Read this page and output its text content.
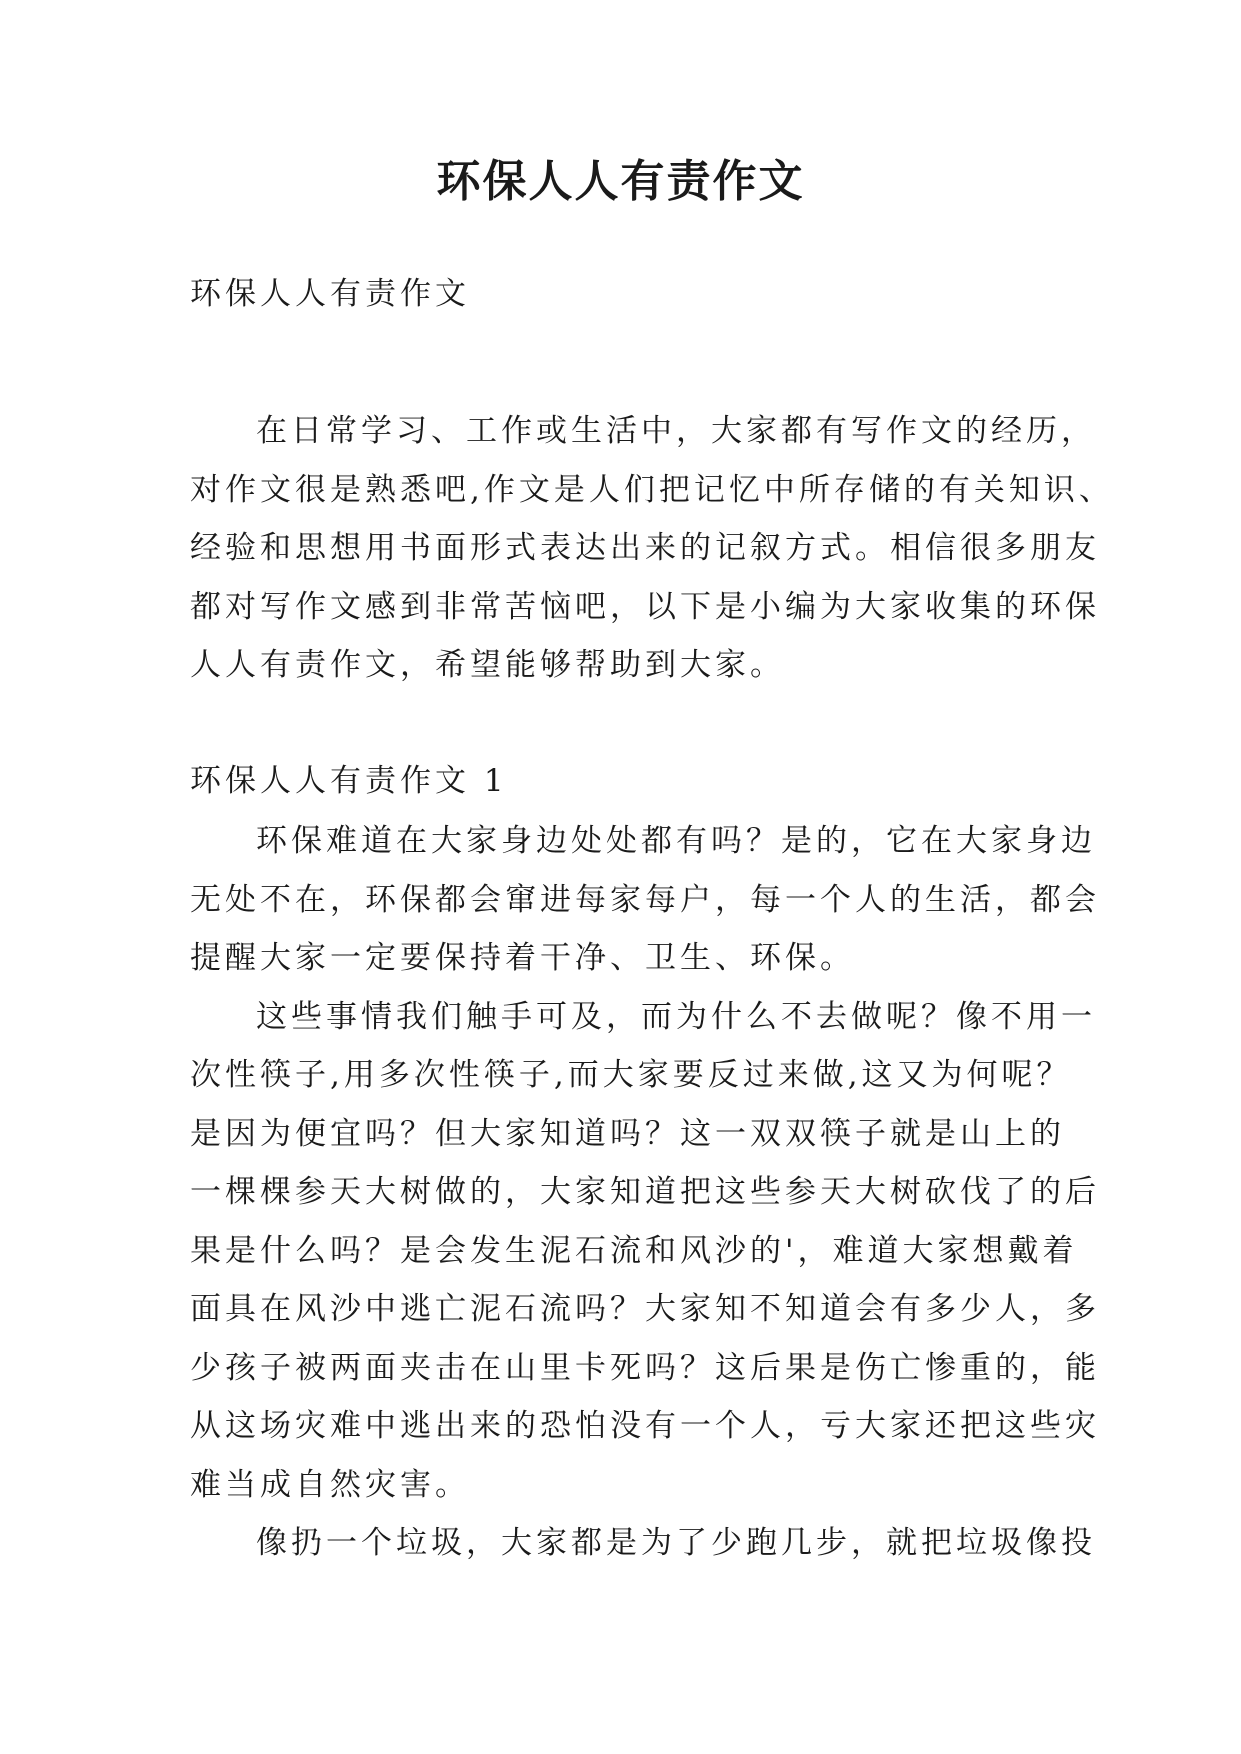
环保人人有责作文

环保人人有责作文

在日常学习、工作或生活中，大家都有写作文的经历，
对作文很是熟悉吧,作文是人们把记忆中所存储的有关知识、
经验和思想用书面形式表达出来的记叙方式。相信很多朋友
都对写作文感到非常苦恼吧，以下是小编为大家收集的环保
人人有责作文，希望能够帮助到大家。

环保人人有责作文 1

环保难道在大家身边处处都有吗？是的，它在大家身边
无处不在，环保都会窜进每家每户，每一个人的生活，都会
提醒大家一定要保持着干净、卫生、环保。

这些事情我们触手可及，而为什么不去做呢？像不用一
次性筷子,用多次性筷子,而大家要反过来做,这又为何呢？
是因为便宜吗？但大家知道吗？这一双双筷子就是山上的
一棵棵参天大树做的，大家知道把这些参天大树砍伐了的后
果是什么吗？是会发生泥石流和风沙的'，难道大家想戴着
面具在风沙中逃亡泥石流吗？大家知不知道会有多少人，多
少孩子被两面夹击在山里卡死吗？这后果是伤亡惨重的，能
从这场灾难中逃出来的恐怕没有一个人，亏大家还把这些灾
难当成自然灾害。

像扔一个垃圾，大家都是为了少跑几步，就把垃圾像投
